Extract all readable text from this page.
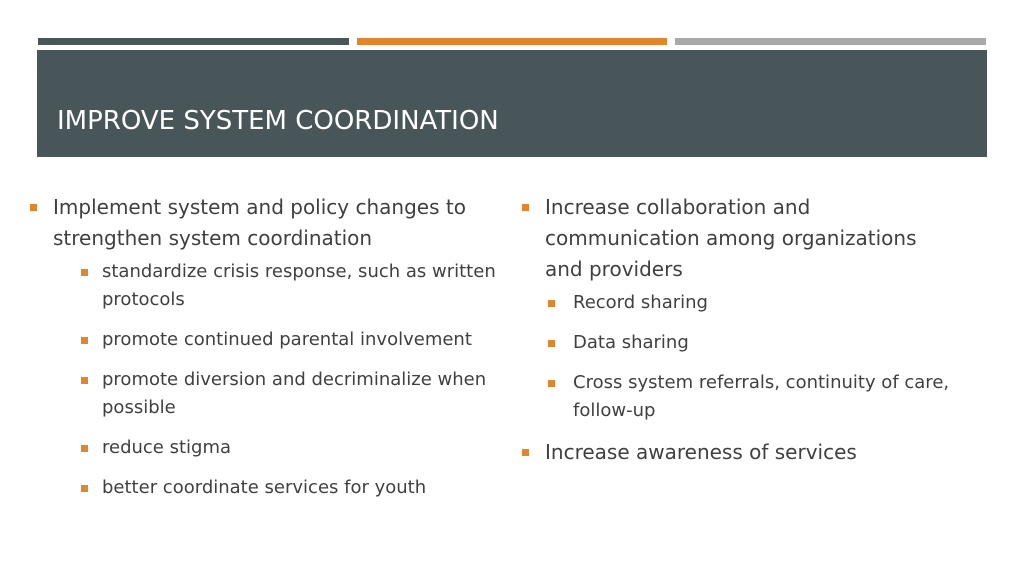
IMPROVE SYSTEM COORDINATION
Implement system and policy changes to strengthen system coordination
standardize crisis response, such as written protocols
promote continued parental involvement
promote diversion and decriminalize when possible
reduce stigma
better coordinate services for youth
Increase collaboration and communication among organizations and providers
Record sharing
Data sharing
Cross system referrals, continuity of care, follow-up
Increase awareness of services
